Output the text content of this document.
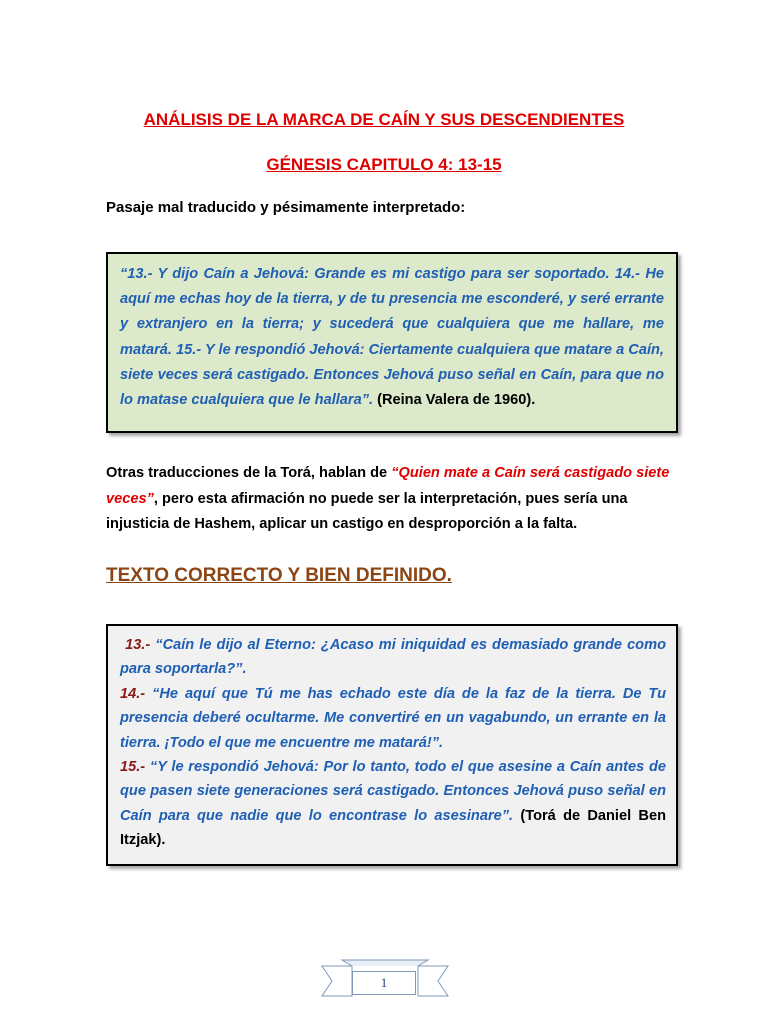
ANÁLISIS DE LA MARCA DE CAÍN Y SUS DESCENDIENTES

GÉNESIS CAPITULO 4: 13-15

Pasaje mal traducido y pésimamente interpretado:

“13.- Y dijo Caín a Jehová: Grande es mi castigo para ser soportado. 14.- He aquí me echas hoy de la tierra, y de tu presencia me esconderé, y seré errante y extranjero en la tierra; y sucederá que cualquiera que me hallare, me matará. 15.- Y le respondió Jehová: Ciertamente cualquiera que matare a Caín, siete veces será castigado. Entonces Jehová puso señal en Caín, para que no lo matase cualquiera que le hallara”. (Reina Valera de 1960).

Otras traducciones de la Torá, hablan de “Quien mate a Caín será castigado siete veces”, pero esta afirmación no puede ser la interpretación, pues sería una injusticia de Hashem, aplicar un castigo en desproporción a la falta.

TEXTO CORRECTO Y BIEN DEFINIDO.

13.- “Caín le dijo al Eterno: ¿Acaso mi iniquidad es demasiado grande como para soportarla?”.

14.- “He aquí que Tú me has echado este día de la faz de la tierra. De Tu presencia deberé ocultarme. Me convertiré en un vagabundo, un errante en la tierra. ¡Todo el que me encuentre me matará!”.

15.- “Y le respondió Jehová: Por lo tanto, todo el que asesine a Caín antes de que pasen siete generaciones será castigado. Entonces Jehová puso señal en Caín para que nadie que lo encontrase lo asesinare”. (Torá de Daniel Ben Itzjak).

1
